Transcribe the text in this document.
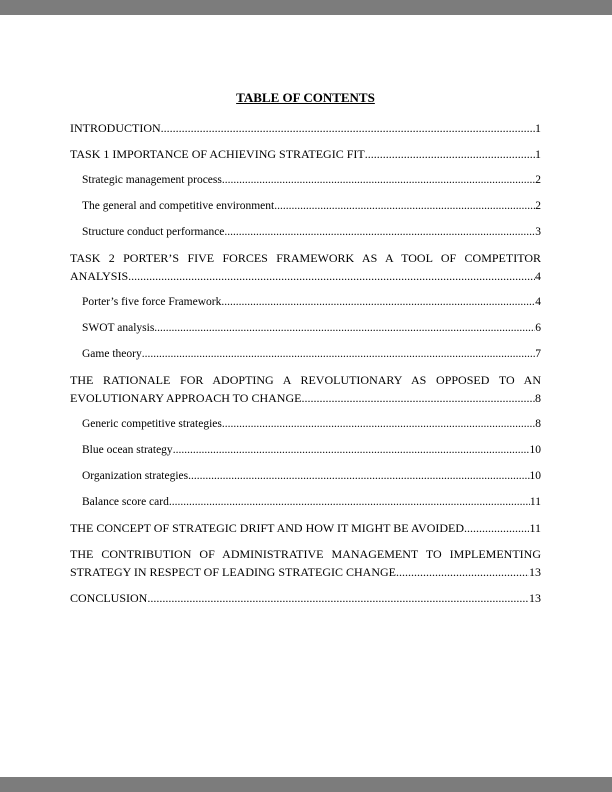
TABLE OF CONTENTS
INTRODUCTION .....	1
TASK 1 IMPORTANCE OF ACHIEVING STRATEGIC FIT .....	1
Strategic management process .....	2
The general and competitive environment .....	2
Structure conduct performance .....	3
TASK 2 PORTER’S FIVE FORCES FRAMEWORK AS A TOOL OF COMPETITOR
ANALYSIS .....	4
Porter’s five force Framework .....	4
SWOT analysis .....	6
Game theory .....	7
THE RATIONALE FOR ADOPTING A REVOLUTIONARY AS OPPOSED TO AN
EVOLUTIONARY APPROACH TO CHANGE .....	8
Generic competitive strategies .....	8
Blue ocean strategy .....	10
Organization strategies .....	10
Balance score card .....	11
THE CONCEPT OF STRATEGIC DRIFT AND HOW IT MIGHT BE AVOIDED .....	11
THE CONTRIBUTION OF ADMINISTRATIVE MANAGEMENT TO IMPLEMENTING
STRATEGY IN RESPECT OF LEADING STRATEGIC CHANGE .....	13
CONCLUSION .....	13
